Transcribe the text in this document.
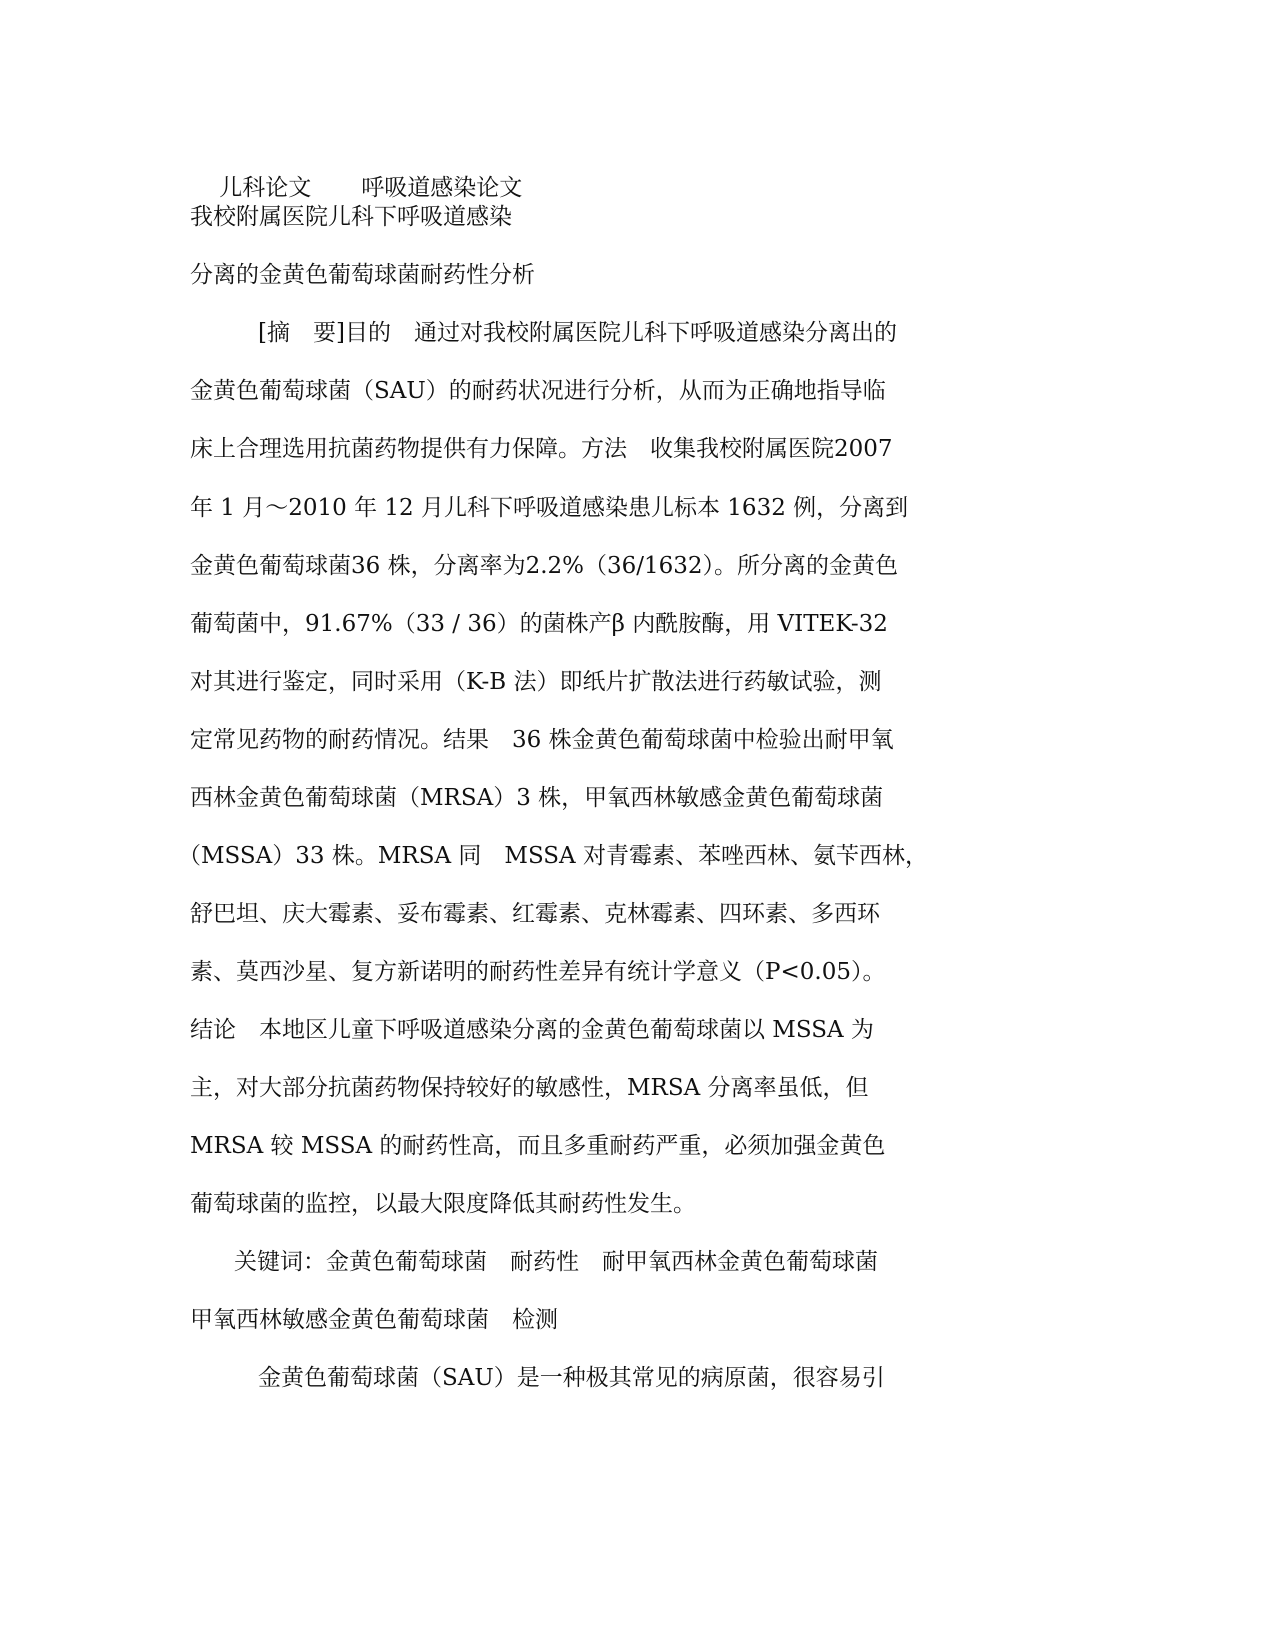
儿科论文 呼吸道感染论文

我校附属医院儿科下呼吸道感染
分离的金黄色葡萄球菌耐药性分析
[摘　要]目的　通过对我校附属医院儿科下呼吸道感染分离出的
金黄色葡萄球菌（SAU）的耐药状况进行分析，从而为正确地指导临
床上合理选用抗菌药物提供有力保障。方法　收集我校附属医院2007
年 1 月～2010 年 12 月儿科下呼吸道感染患儿标本 1632 例，分离到
金黄色葡萄球菌36 株，分离率为2.2%（36/1632）。所分离的金黄色
葡萄菌中，91.67%（33 / 36）的菌株产β 内酰胺酶，用 VITEK-32
对其进行鉴定，同时采用（K-B 法）即纸片扩散法进行药敏试验，测
定常见药物的耐药情况。结果　36 株金黄色葡萄球菌中检验出耐甲氧
西林金黄色葡萄球菌（MRSA）3 株，甲氧西林敏感金黄色葡萄球菌
（MSSA）33 株。MRSA 同　MSSA 对青霉素、苯唑西林、氨苄西林，
舒巴坦、庆大霉素、妥布霉素、红霉素、克林霉素、四环素、多西环
素、莫西沙星、复方新诺明的耐药性差异有统计学意义（P<0.05）。
结论　本地区儿童下呼吸道感染分离的金黄色葡萄球菌以 MSSA 为
主，对大部分抗菌药物保持较好的敏感性，MRSA 分离率虽低，但
MRSA 较 MSSA 的耐药性高，而且多重耐药严重，必须加强金黄色
葡萄球菌的监控，以最大限度降低其耐药性发生。
关键词：金黄色葡萄球菌　耐药性　耐甲氧西林金黄色葡萄球菌
甲氧西林敏感金黄色葡萄球菌　检测
金黄色葡萄球菌（SAU）是一种极其常见的病原菌，很容易引
